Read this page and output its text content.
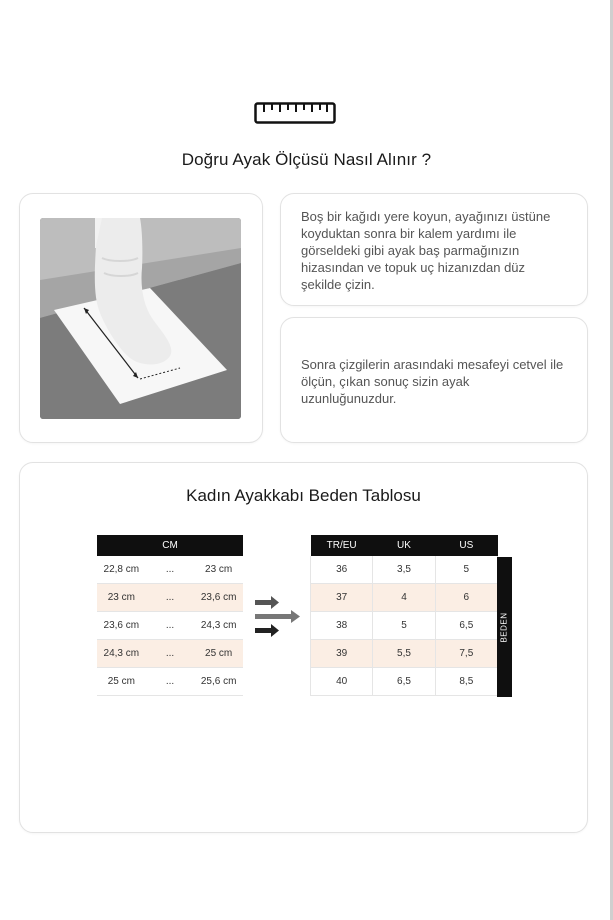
Doğru Ayak Ölçüsü Nasıl Alınır ?
Boş bir kağıdı yere koyun, ayağınızı üstüne koyduktan sonra bir kalem yardımı ile görseldeki gibi ayak baş parmağınızın hizasından ve topuk uç hizanızdan düz şekilde çizin.
Sonra çizgilerin arasındaki mesafeyi cetvel ile ölçün, çıkan sonuç sizin ayak uzunluğunuzdur.
Kadın Ayakkabı Beden Tablosu
CM		
22,8 cm	...	23 cm
23 cm	...	23,6 cm
23,6 cm	...	24,3 cm
24,3 cm	...	25 cm
25 cm	...	25,6 cm
TR/EU	UK	US
36	3,5	5
37	4	6
38	5	6,5
39	5,5	7,5
40	6,5	8,5
BEDEN
